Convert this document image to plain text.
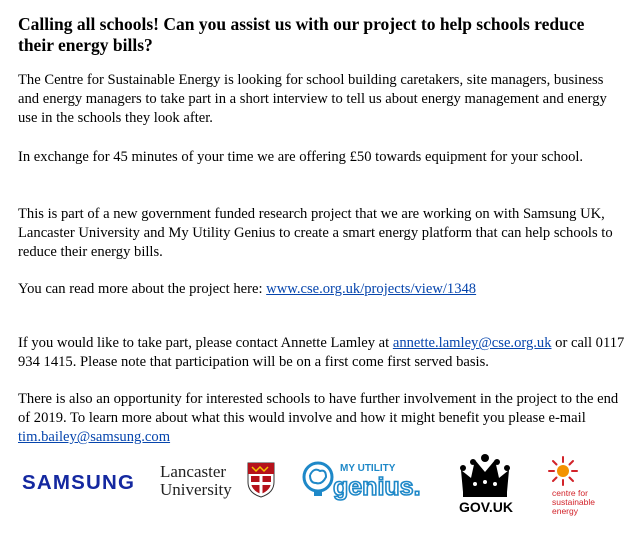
Calling all schools! Can you assist us with our project to help schools reduce their energy bills?

The Centre for Sustainable Energy is looking for school building caretakers, site managers, business and energy managers to take part in a short interview to tell us about energy management and energy use in the schools they look after.

In exchange for 45 minutes of your time we are offering £50 towards equipment for your school.

This is part of a new government funded research project that we are working on with Samsung UK, Lancaster University and My Utility Genius to create a smart energy platform that can help schools to reduce their energy bills.

You can read more about the project here: www.cse.org.uk/projects/view/1348

If you would like to take part, please contact Annette Lamley at annette.lamley@cse.org.uk or call 0117 934 1415. Please note that participation will be on a first come first served basis.

There is also an opportunity for interested schools to have further involvement in the project to the end of 2019. To learn more about what this would involve and how it might benefit you please e-mail tim.bailey@samsung.com

SAMSUNG Lancaster
University
MY UTILITY
genius.
GOV.UK
centre for
sustainable
energy
